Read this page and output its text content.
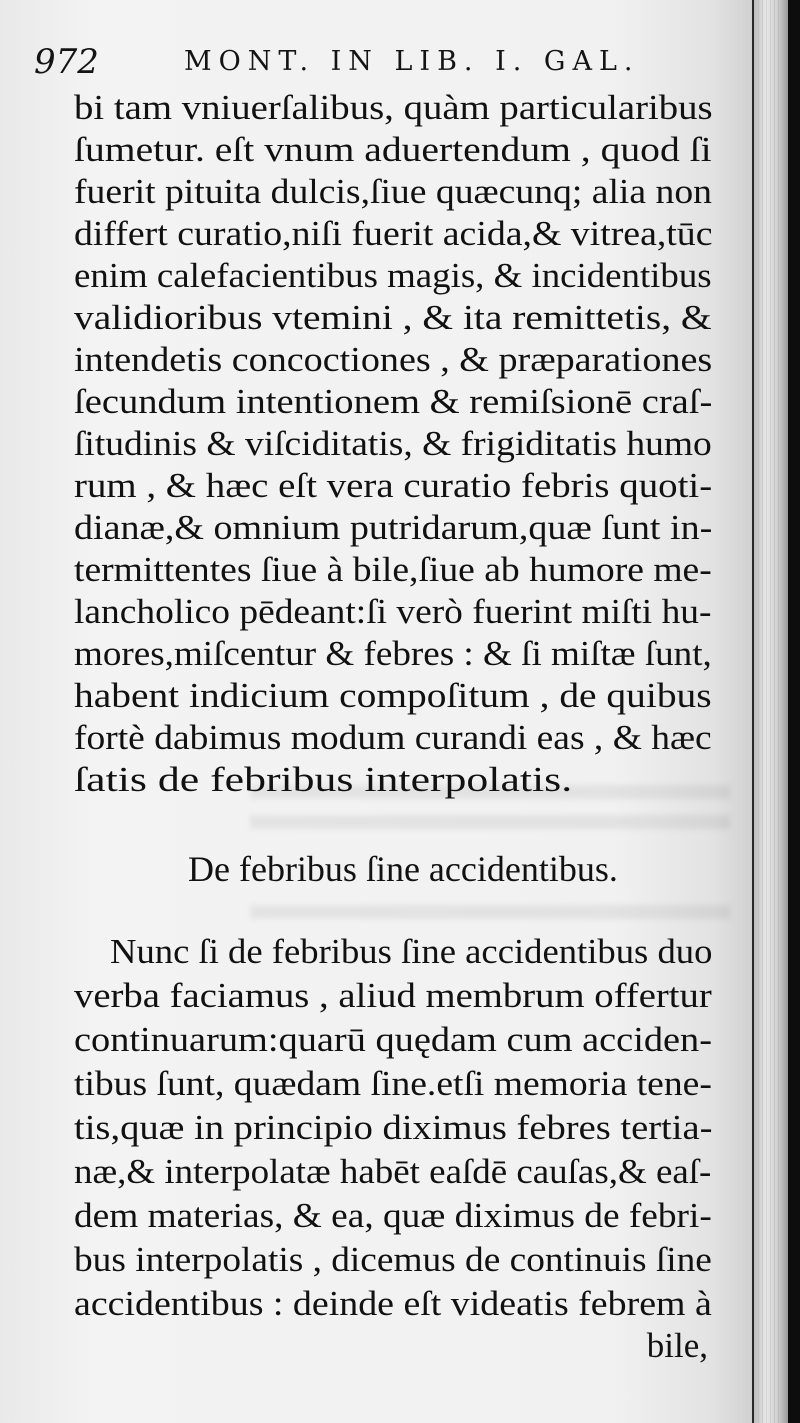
972	MONT. IN LIB. I. GAL.
bi tam vniuerſalibus, quàm particularibus
ſumetur. eſt vnum aduertendum , quod ſi
fuerit pituita dulcis,ſiue quæcunq; alia non
differt curatio,niſi fuerit acida,& vitrea,tūc
enim calefacientibus magis, & incidentibus
validioribus vtemini , & ita remittetis, &
intendetis concoctiones , & præparationes
ſecundum intentionem & remiſsionē craſ-
ſitudinis & viſciditatis, & frigiditatis humo
rum , & hæc eſt vera curatio febris quoti-
dianæ,& omnium putridarum,quæ ſunt in-
termittentes ſiue à bile,ſiue ab humore me-
lancholico pēdeant:ſi verò fuerint miſti hu-
mores,miſcentur & febres : & ſi miſtæ ſunt,
habent indicium compoſitum , de quibus
fortè dabimus modum curandi eas , & hæc
ſatis de febribus interpolatis.
De febribus ſine accidentibus.
Nunc ſi de febribus ſine accidentibus duo
verba faciamus , aliud membrum offertur
continuarum:quarū quędam cum acciden-
tibus ſunt, quædam ſine.etſi memoria tene-
tis,quæ in principio diximus febres tertia-
næ,& interpolatæ habēt eaſdē cauſas,& eaſ-
dem materias, & ea, quæ diximus de febri-
bus interpolatis , dicemus de continuis ſine
accidentibus : deinde eſt videatis febrem à
bile,
